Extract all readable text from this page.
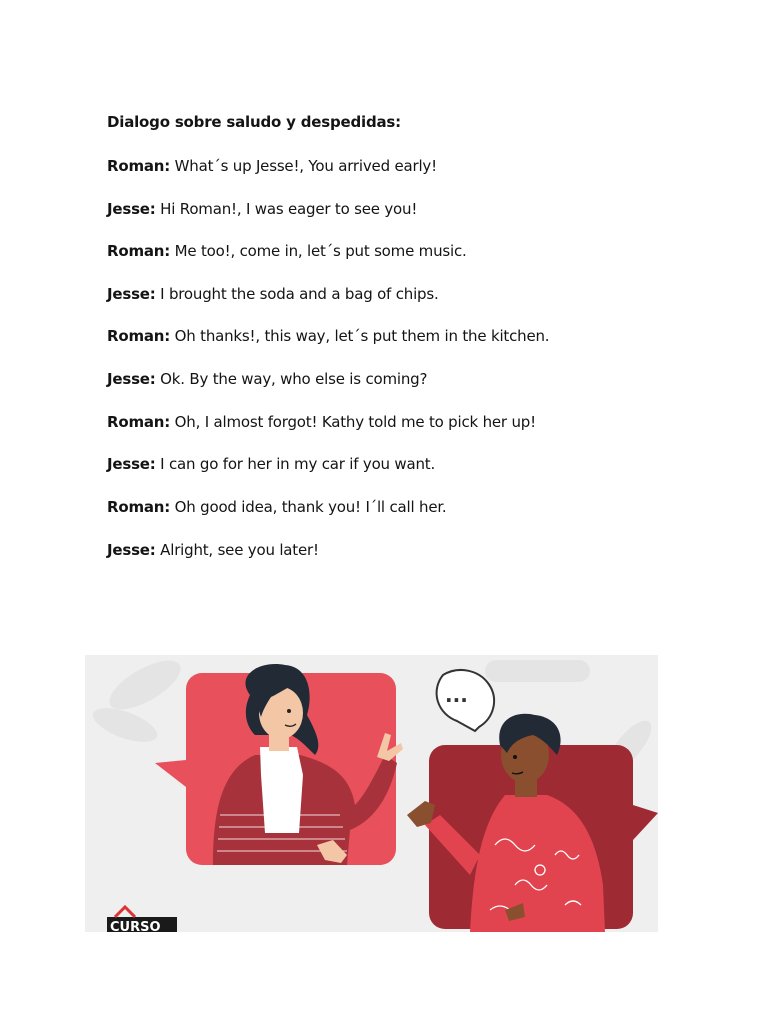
Dialogo sobre saludo y despedidas:
Roman: What´s up Jesse!, You arrived early!
Jesse: Hi Roman!, I was eager to see you!
Roman: Me too!, come in, let´s put some music.
Jesse: I brought the soda and a bag of chips.
Roman: Oh thanks!, this way, let´s put them in the kitchen.
Jesse: Ok. By the way, who else is coming?
Roman: Oh, I almost forgot! Kathy told me to pick her up!
Jesse: I can go for her in my car if you want.
Roman: Oh good idea, thank you! I´ll call her.
Jesse: Alright, see you later!
...
CURSO
